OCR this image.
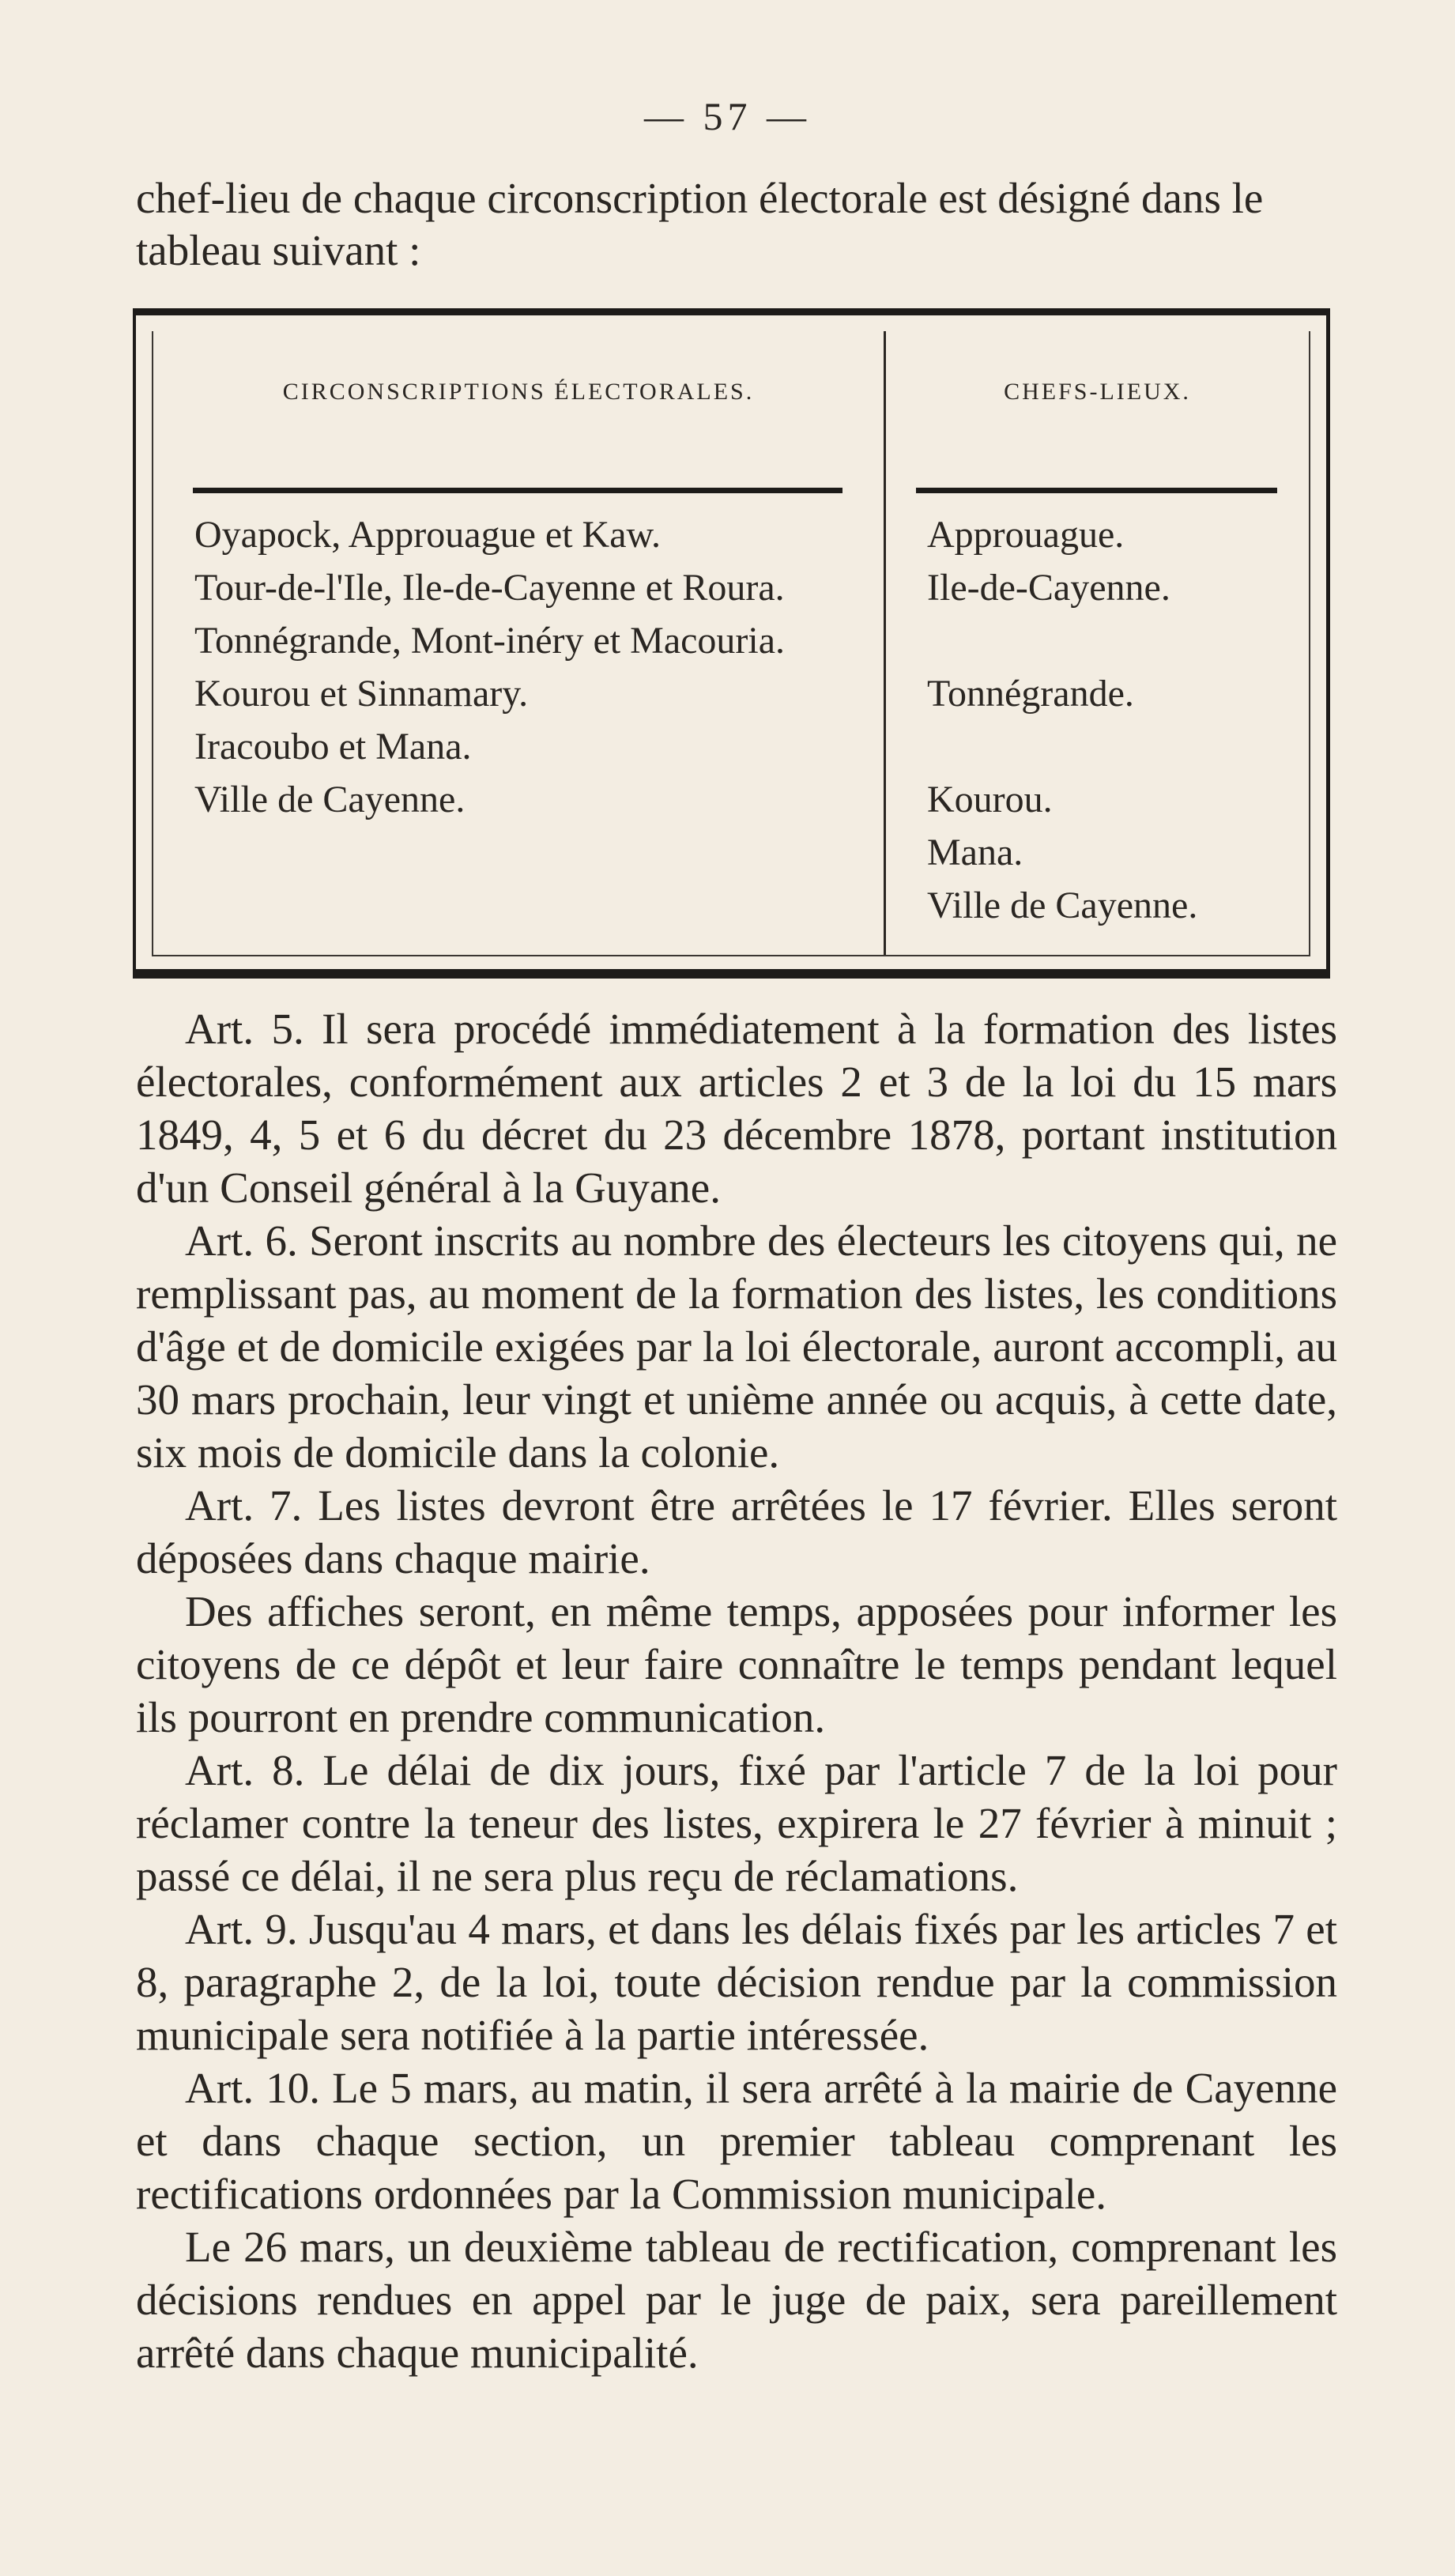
— 57 —

chef-lieu de chaque circonscription électorale est désigné dans le tableau suivant :

CIRCONSCRIPTIONS ÉLECTORALES.
Oyapock, Approuague et Kaw.
Tour-de-l'Ile, Ile-de-Cayenne et Roura.
Tonnégrande, Mont-inéry et Macouria.
Kourou et Sinnamary.
Iracoubo et Mana.
Ville de Cayenne.
CHEFS-LIEUX.
Approuague.
Ile-de-Cayenne.
Tonnégrande.
Kourou.
Mana.
Ville de Cayenne.

Art. 5. Il sera procédé immédiatement à la formation des listes électorales, conformément aux articles 2 et 3 de la loi du 15 mars 1849, 4, 5 et 6 du décret du 23 décembre 1878, portant institution d'un Conseil général à la Guyane.

Art. 6. Seront inscrits au nombre des électeurs les citoyens qui, ne remplissant pas, au moment de la formation des listes, les conditions d'âge et de domicile exigées par la loi électorale, auront accompli, au 30 mars prochain, leur vingt et unième année ou acquis, à cette date, six mois de domicile dans la colonie.

Art. 7. Les listes devront être arrêtées le 17 février. Elles seront déposées dans chaque mairie.

Des affiches seront, en même temps, apposées pour informer les citoyens de ce dépôt et leur faire connaître le temps pendant lequel ils pourront en prendre communication.

Art. 8. Le délai de dix jours, fixé par l'article 7 de la loi pour réclamer contre la teneur des listes, expirera le 27 février à minuit ; passé ce délai, il ne sera plus reçu de réclamations.

Art. 9. Jusqu'au 4 mars, et dans les délais fixés par les articles 7 et 8, paragraphe 2, de la loi, toute décision rendue par la commission municipale sera notifiée à la partie intéressée.

Art. 10. Le 5 mars, au matin, il sera arrêté à la mairie de Cayenne et dans chaque section, un premier tableau comprenant les rectifications ordonnées par la Commission municipale.

Le 26 mars, un deuxième tableau de rectification, comprenant les décisions rendues en appel par le juge de paix, sera pareillement arrêté dans chaque municipalité.
